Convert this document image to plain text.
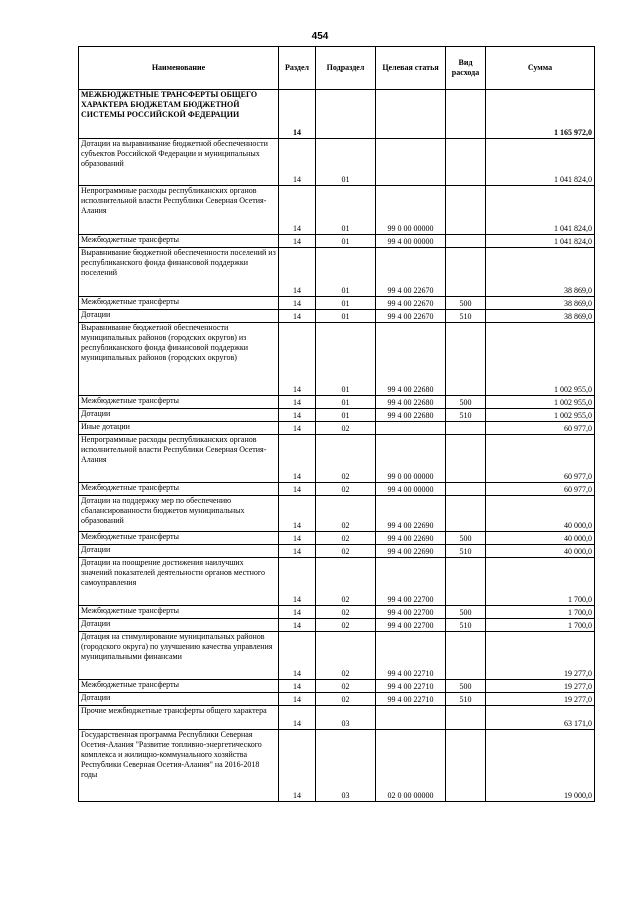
454
Наименование	Раздел	Подраздел	Целевая статья	Вид расхода	Сумма
МЕЖБЮДЖЕТНЫЕ ТРАНСФЕРТЫ ОБЩЕГО ХАРАКТЕРА БЮДЖЕТАМ БЮДЖЕТНОЙ СИСТЕМЫ РОССИЙСКОЙ ФЕДЕРАЦИИ	14				1 165 972,0
Дотации на выравнивание бюджетной обеспеченности субъектов Российской Федерации и муниципальных образований	14	01			1 041 824,0
Непрограммные расходы республиканских органов исполнительной власти Республики Северная Осетия-Алания	14	01	99 0 00 00000		1 041 824,0
Межбюджетные трансферты	14	01	99 4 00 00000		1 041 824,0
Выравнивание бюджетной обеспеченности поселений из республиканского фонда финансовой поддержки поселений	14	01	99 4 00 22670		38 869,0
Межбюджетные трансферты	14	01	99 4 00 22670	500	38 869,0
Дотации	14	01	99 4 00 22670	510	38 869,0
Выравнивание бюджетной обеспеченности муниципальных районов (городских округов) из республиканского фонда финансовой поддержки муниципальных районов (городских округов)	14	01	99 4 00 22680		1 002 955,0
Межбюджетные трансферты	14	01	99 4 00 22680	500	1 002 955,0
Дотации	14	01	99 4 00 22680	510	1 002 955,0
Иные дотации	14	02			60 977,0
Непрограммные расходы республиканских органов исполнительной власти Республики Северная Осетия-Алания	14	02	99 0 00 00000		60 977,0
Межбюджетные трансферты	14	02	99 4 00 00000		60 977,0
Дотации на поддержку мер по обеспечению сбалансированности бюджетов муниципальных образований	14	02	99 4 00 22690		40 000,0
Межбюджетные трансферты	14	02	99 4 00 22690	500	40 000,0
Дотации	14	02	99 4 00 22690	510	40 000,0
Дотации на поощрение достижения наилучших значений показателей деятельности органов местного самоуправления	14	02	99 4 00 22700		1 700,0
Межбюджетные трансферты	14	02	99 4 00 22700	500	1 700,0
Дотации	14	02	99 4 00 22700	510	1 700,0
Дотация на стимулирование муниципальных районов (городского округа) по улучшению качества управления муниципальными финансами	14	02	99 4 00 22710		19 277,0
Межбюджетные трансферты	14	02	99 4 00 22710	500	19 277,0
Дотации	14	02	99 4 00 22710	510	19 277,0
Прочие межбюджетные трансферты общего характера	14	03			63 171,0
Государственная программа Республики Северная Осетия-Алания "Развитие топливно-энергетического комплекса и жилищно-коммунального хозяйства Республики Северная Осетия-Алания" на 2016-2018 годы	14	03	02 0 00 00000		19 000,0
